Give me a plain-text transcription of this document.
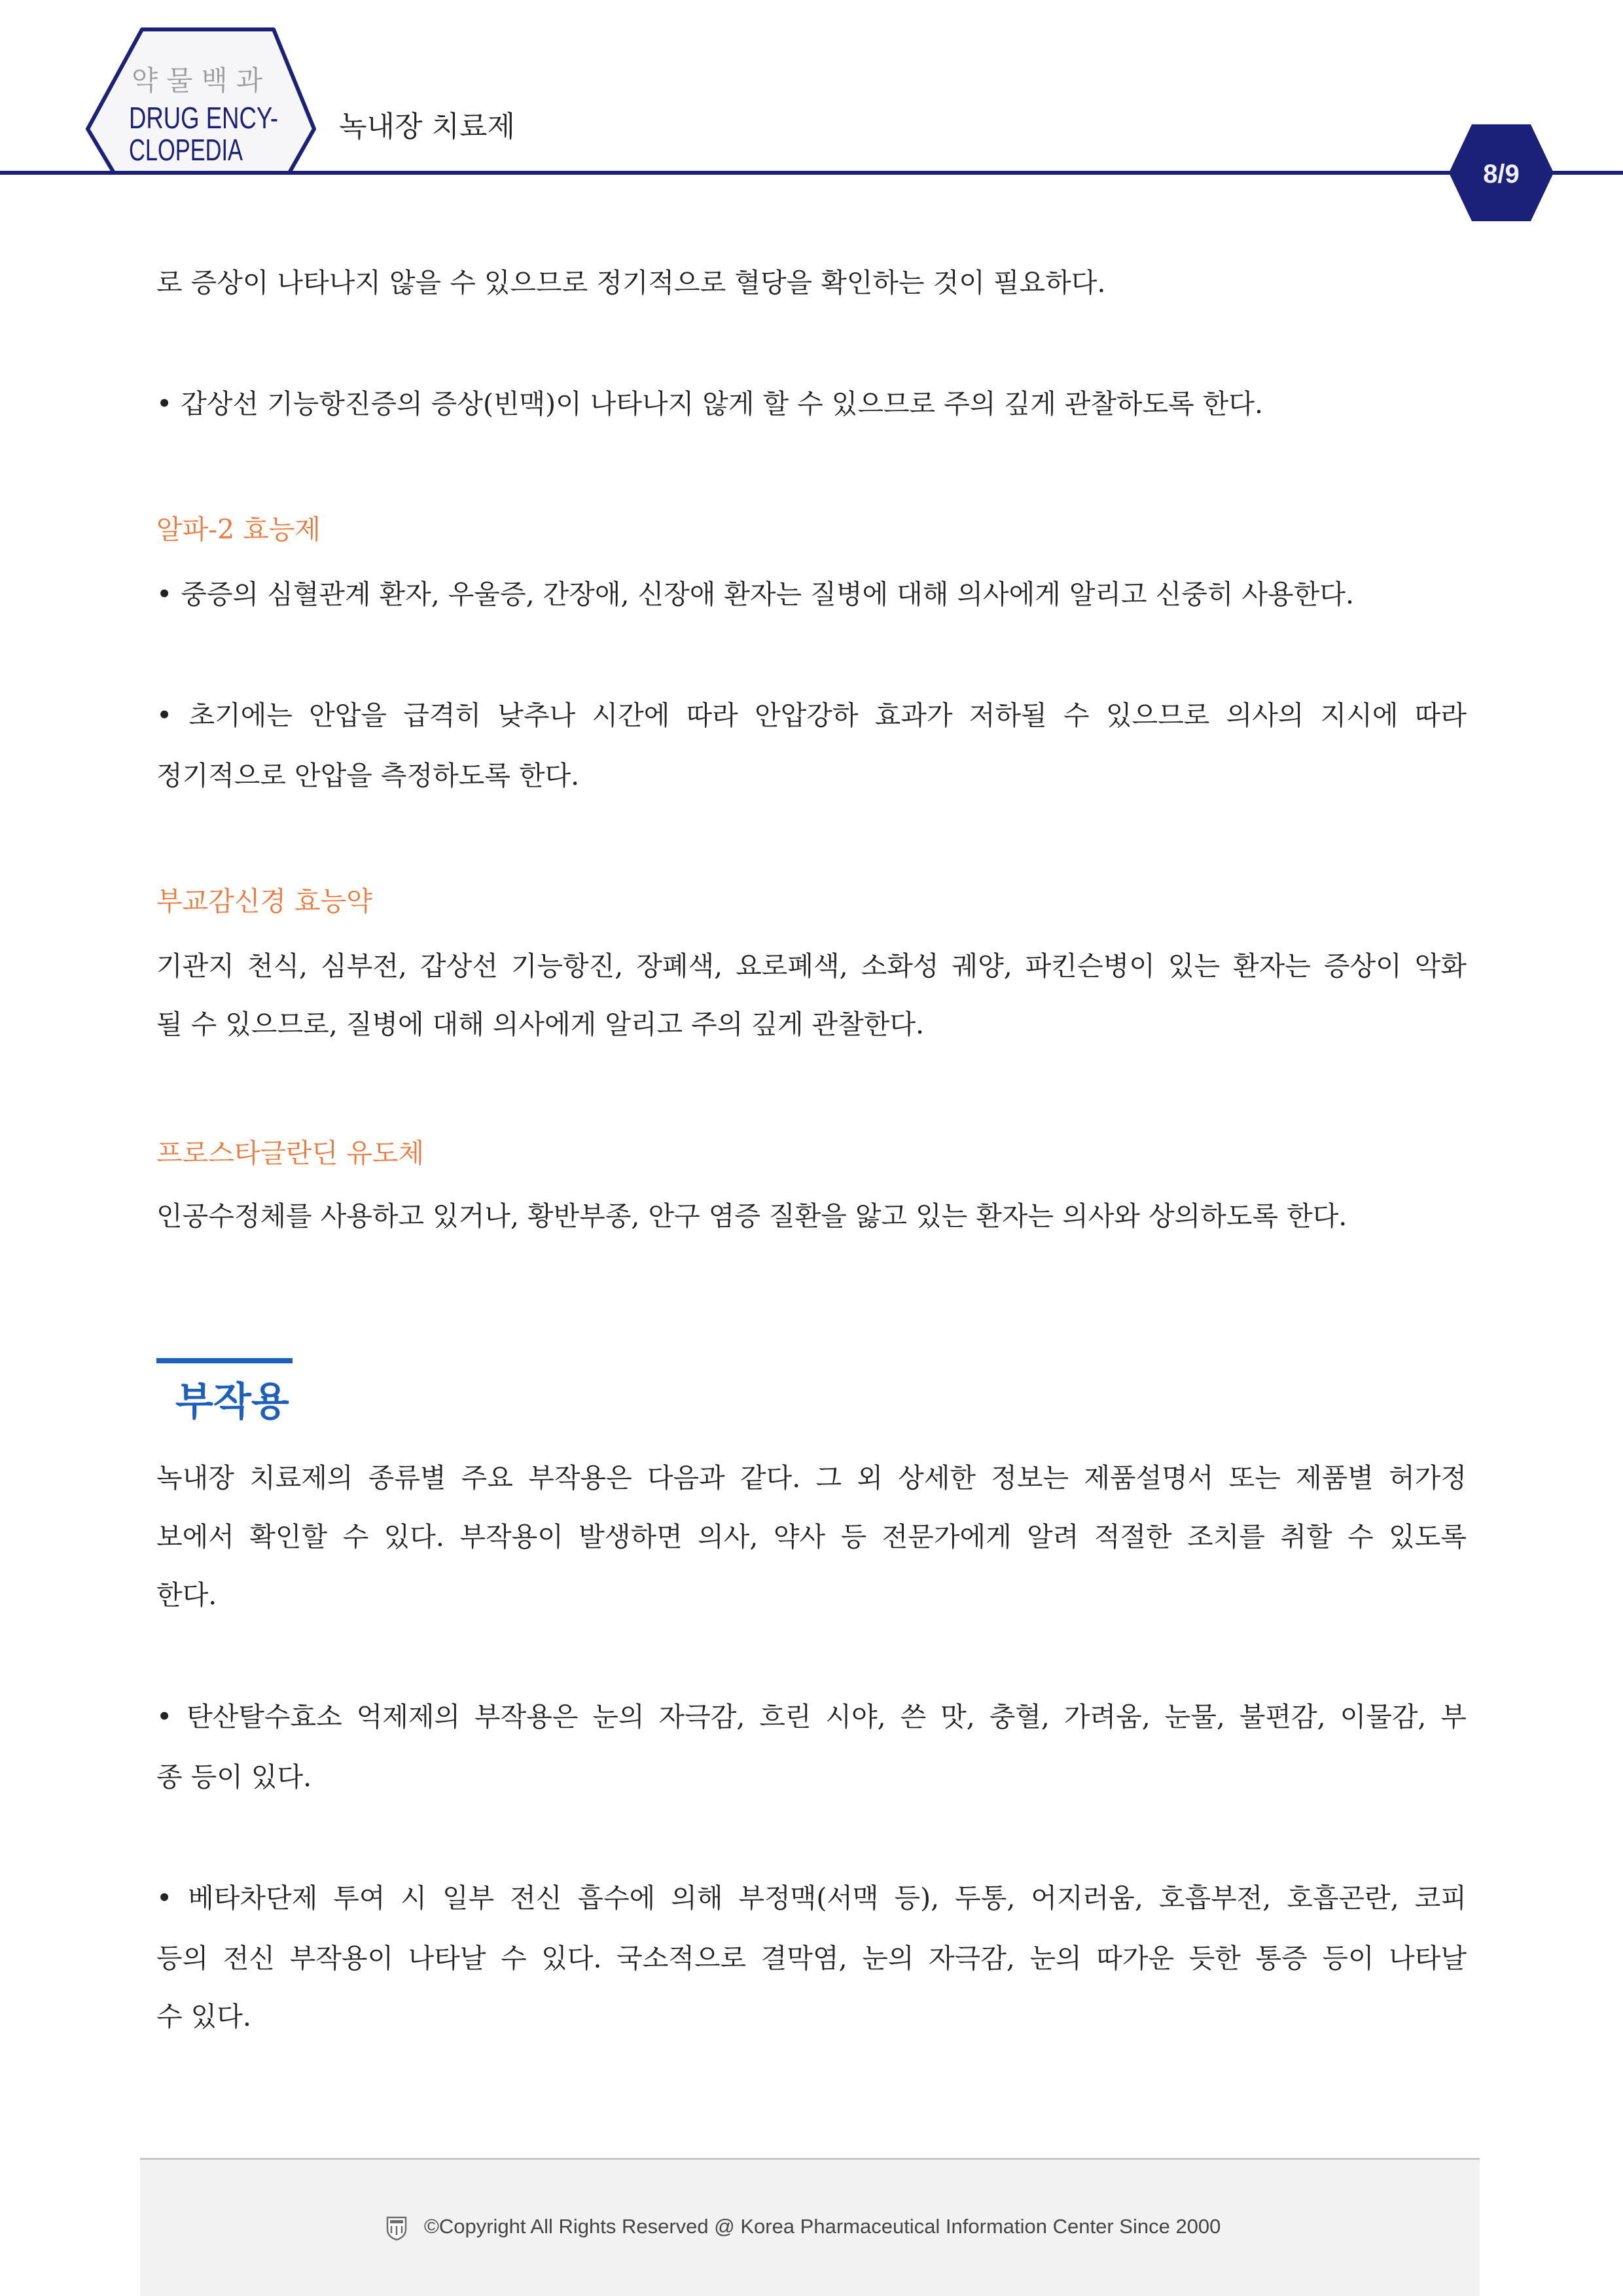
약 물 백 과
DRUG ENCY-
CLOPEDIA
8/9
녹내장 치료제
로 증상이 나타나지 않을 수 있으므로 정기적으로 혈당을 확인하는 것이 필요하다.
• 갑상선 기능항진증의 증상(빈맥)이 나타나지 않게 할 수 있으므로 주의 깊게 관찰하도록 한다.
알파-2 효능제
• 중증의 심혈관계 환자, 우울증, 간장애, 신장애 환자는 질병에 대해 의사에게 알리고 신중히 사용한다.
• 초기에는 안압을 급격히 낮추나 시간에 따라 안압강하 효과가 저하될 수 있으므로 의사의 지시에 따라
정기적으로 안압을 측정하도록 한다.
부교감신경 효능약
기관지 천식, 심부전, 갑상선 기능항진, 장폐색, 요로폐색, 소화성 궤양, 파킨슨병이 있는 환자는 증상이 악화
될 수 있으므로, 질병에 대해 의사에게 알리고 주의 깊게 관찰한다.
프로스타글란딘 유도체
인공수정체를 사용하고 있거나, 황반부종, 안구 염증 질환을 앓고 있는 환자는 의사와 상의하도록 한다.
부작용
녹내장 치료제의 종류별 주요 부작용은 다음과 같다. 그 외 상세한 정보는 제품설명서 또는 제품별 허가정
보에서 확인할 수 있다. 부작용이 발생하면 의사, 약사 등 전문가에게 알려 적절한 조치를 취할 수 있도록
한다.
• 탄산탈수효소 억제제의 부작용은 눈의 자극감, 흐린 시야, 쓴 맛, 충혈, 가려움, 눈물, 불편감, 이물감, 부
종 등이 있다.
• 베타차단제 투여 시 일부 전신 흡수에 의해 부정맥(서맥 등), 두통, 어지러움, 호흡부전, 호흡곤란, 코피
등의 전신 부작용이 나타날 수 있다. 국소적으로 결막염, 눈의 자극감, 눈의 따가운 듯한 통증 등이 나타날
수 있다.
©Copyright All Rights Reserved @ Korea Pharmaceutical Information Center Since 2000
